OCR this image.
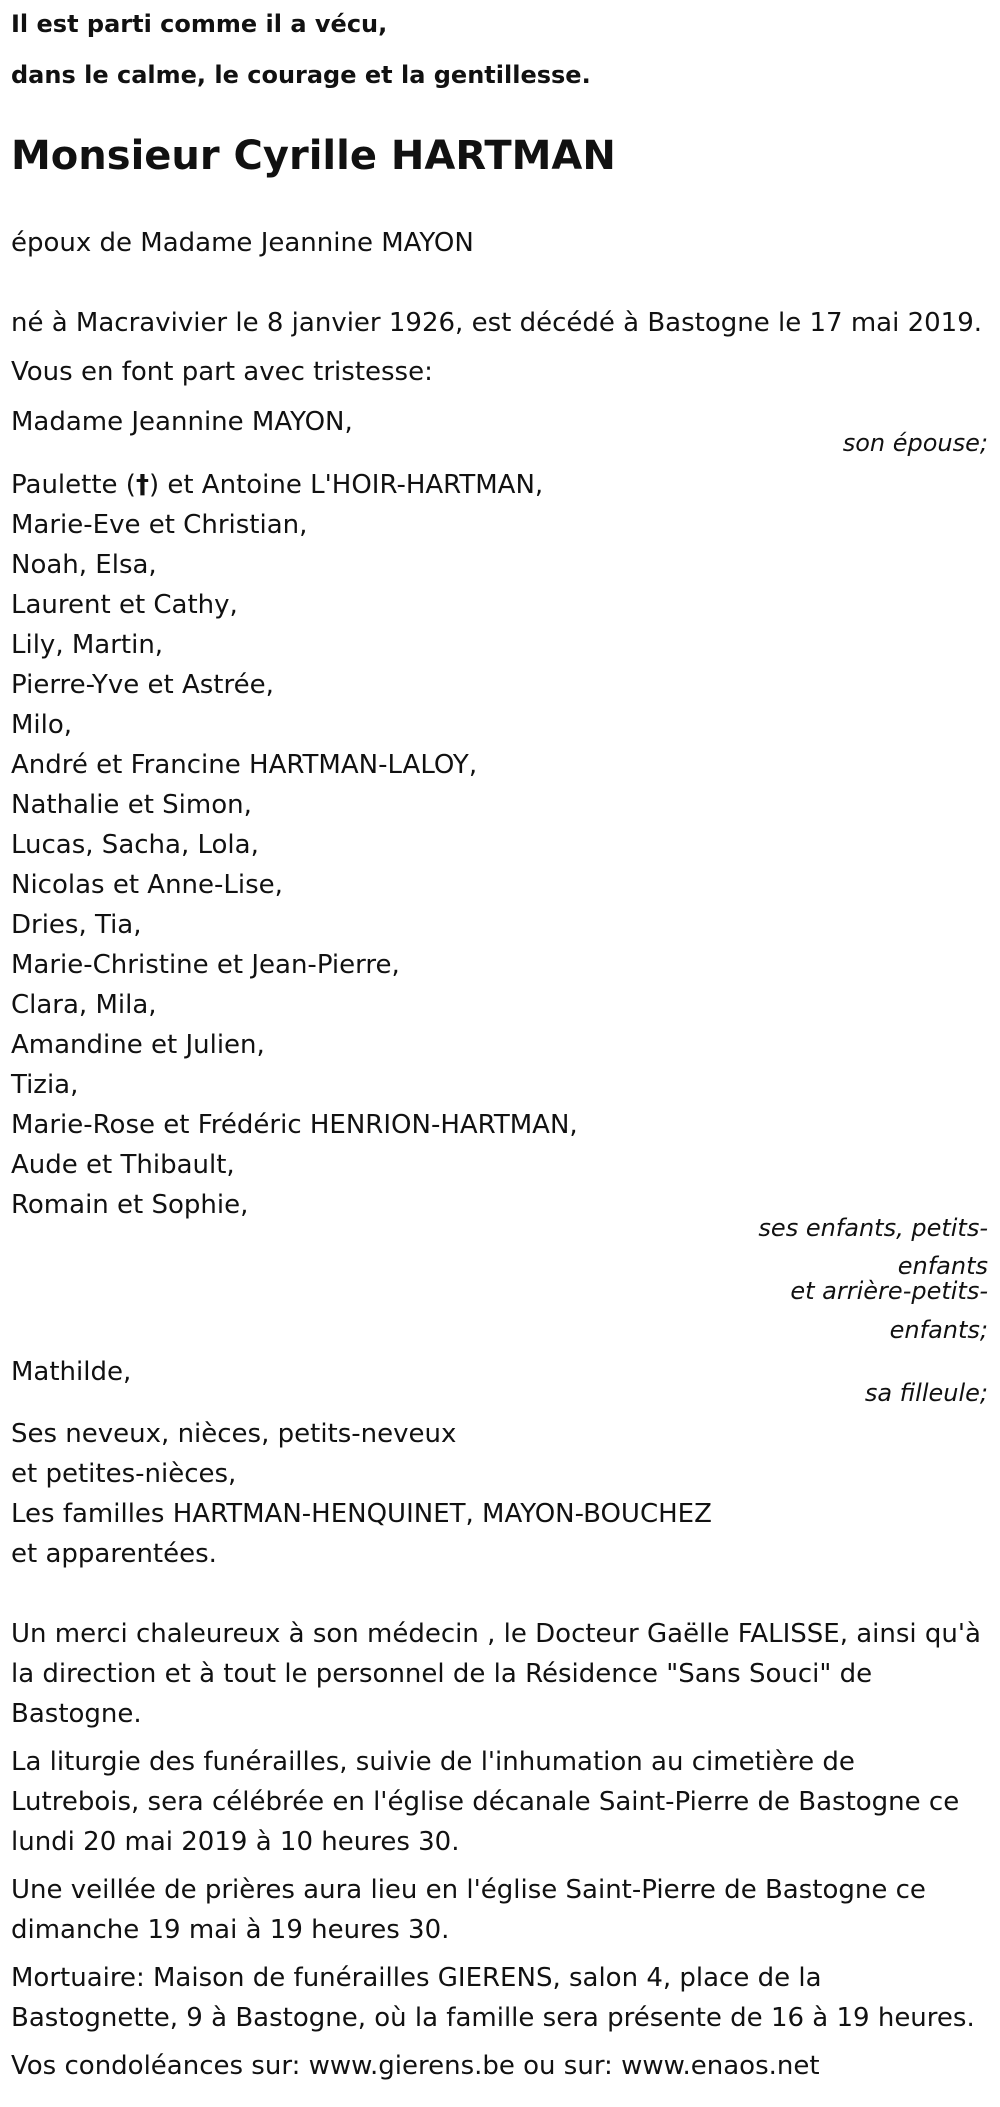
Il est parti comme il a vécu,
dans le calme, le courage et la gentillesse.
Monsieur Cyrille HARTMAN
époux de Madame Jeannine MAYON
né à Macravivier le 8 janvier 1926, est décédé à Bastogne le 17 mai 2019.
Vous en font part avec tristesse:
Madame Jeannine MAYON,
son épouse;
Paulette (†) et Antoine L'HOIR-HARTMAN,
Marie-Eve et Christian,
Noah, Elsa,
Laurent et Cathy,
Lily, Martin,
Pierre-Yve et Astrée,
Milo,
André et Francine HARTMAN-LALOY,
Nathalie et Simon,
Lucas, Sacha, Lola,
Nicolas et Anne-Lise,
Dries, Tia,
Marie-Christine et Jean-Pierre,
Clara, Mila,
Amandine et Julien,
Tizia,
Marie-Rose et Frédéric HENRION-HARTMAN,
Aude et Thibault,
Romain et Sophie,
ses enfants, petits-
enfants
et arrière-petits-
enfants;
Mathilde,
sa filleule;
Ses neveux, nièces, petits-neveux
et petites-nièces,
Les familles HARTMAN-HENQUINET, MAYON-BOUCHEZ
et apparentées.
Un merci chaleureux à son médecin , le Docteur Gaëlle FALISSE, ainsi qu'à la direction et à tout le personnel de la Résidence "Sans Souci" de Bastogne.
La liturgie des funérailles, suivie de l'inhumation au cimetière de Lutrebois, sera célébrée en l'église décanale Saint-Pierre de Bastogne ce lundi 20 mai 2019 à 10 heures 30.
Une veillée de prières aura lieu en l'église Saint-Pierre de Bastogne ce dimanche 19 mai à 19 heures 30.
Mortuaire: Maison de funérailles GIERENS, salon 4, place de la Bastognette, 9 à Bastogne, où la famille sera présente de 16 à 19 heures.
Vos condoléances sur: www.gierens.be ou sur: www.enaos.net
